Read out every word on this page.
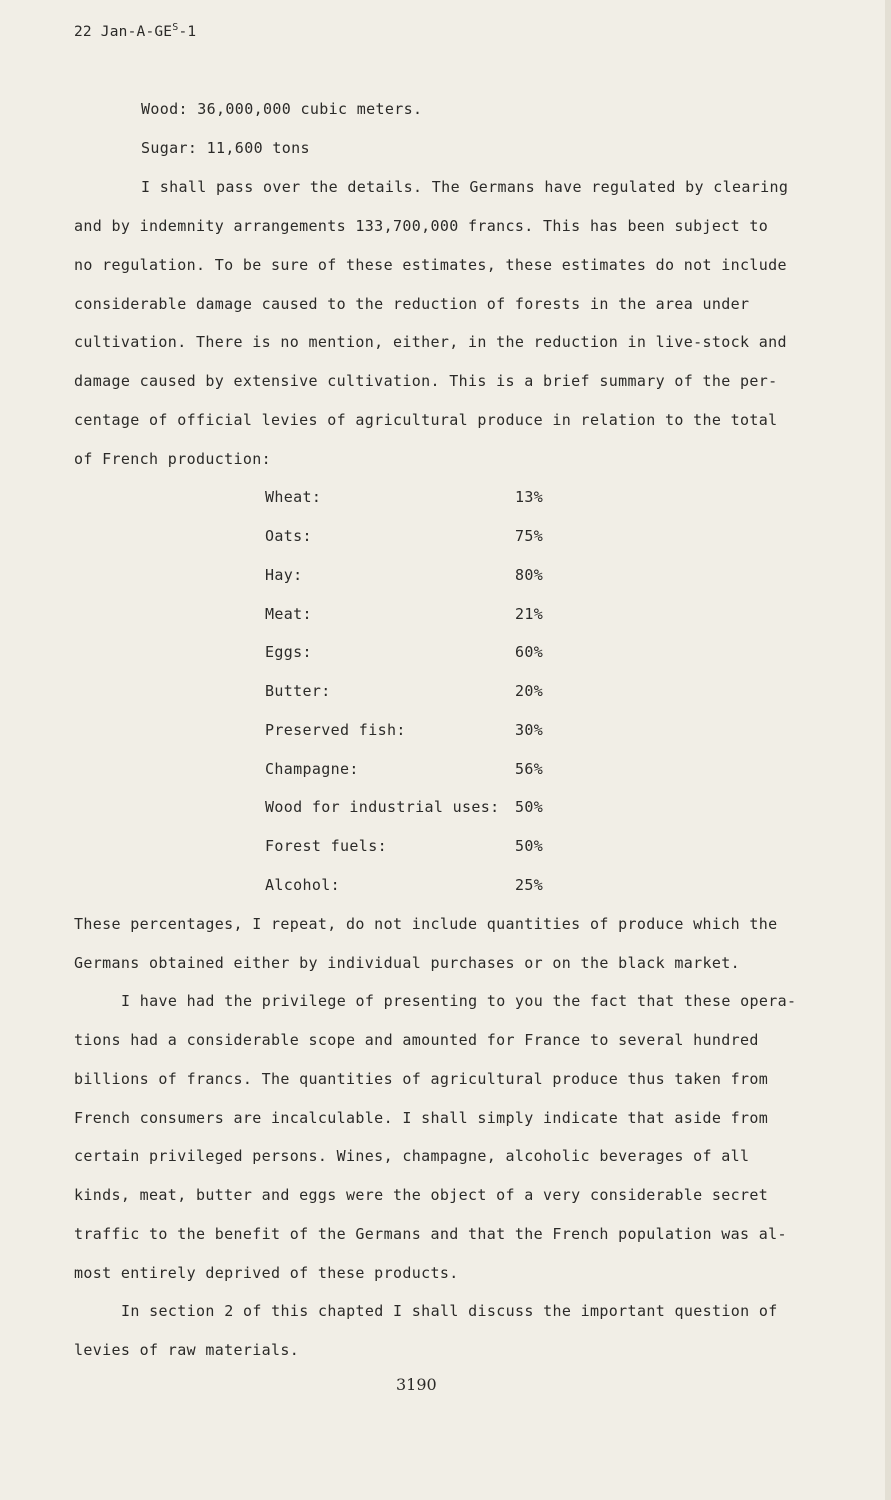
22 Jan-$A-GE^S-1$
Wood: 36,000,000 cubic meters.
Sugar: 11,600 tons
I shall pass over the details. The Germans have regulated by clearing
and by indemnity arrangements 133,700,000 francs. This has been subject to
no regulation. To be sure of these estimates, these estimates do not include
considerable damage caused to the reduction of forests in the area under
cultivation. There is no mention, either, in the reduction in live-stock and
damage caused by extensive cultivation. This is a brief summary of the per-
centage of official levies of agricultural produce in relation to the total
of French production:
Wheat:	13%
Oats:	75%
Hay:	80%
Meat:	21%
Eggs:	60%
Butter:	20%
Preserved fish:	30%
Champagne:	56%
Wood for industrial uses: 50%
Forest fuels:	50%
Alcohol:	25%
These percentages, I repeat, do not include quantities of produce which the
Germans obtained either by individual purchases or on the black market.
I have had the privilege of presenting to you the fact that these opera-
tions had a considerable scope and amounted for France to several hundred
billions of francs. The quantities of agricultural produce thus taken from
French consumers are incalculable. I shall simply indicate that aside from
certain privileged persons. Wines, champagne, alcoholic beverages of all
kinds, meat, butter and eggs were the object of a very considerable secret
traffic to the benefit of the Germans and that the French population was al-
most entirely deprived of these products.
In section 2 of this chapted I shall discuss the important question of
levies of raw materials.
3190
